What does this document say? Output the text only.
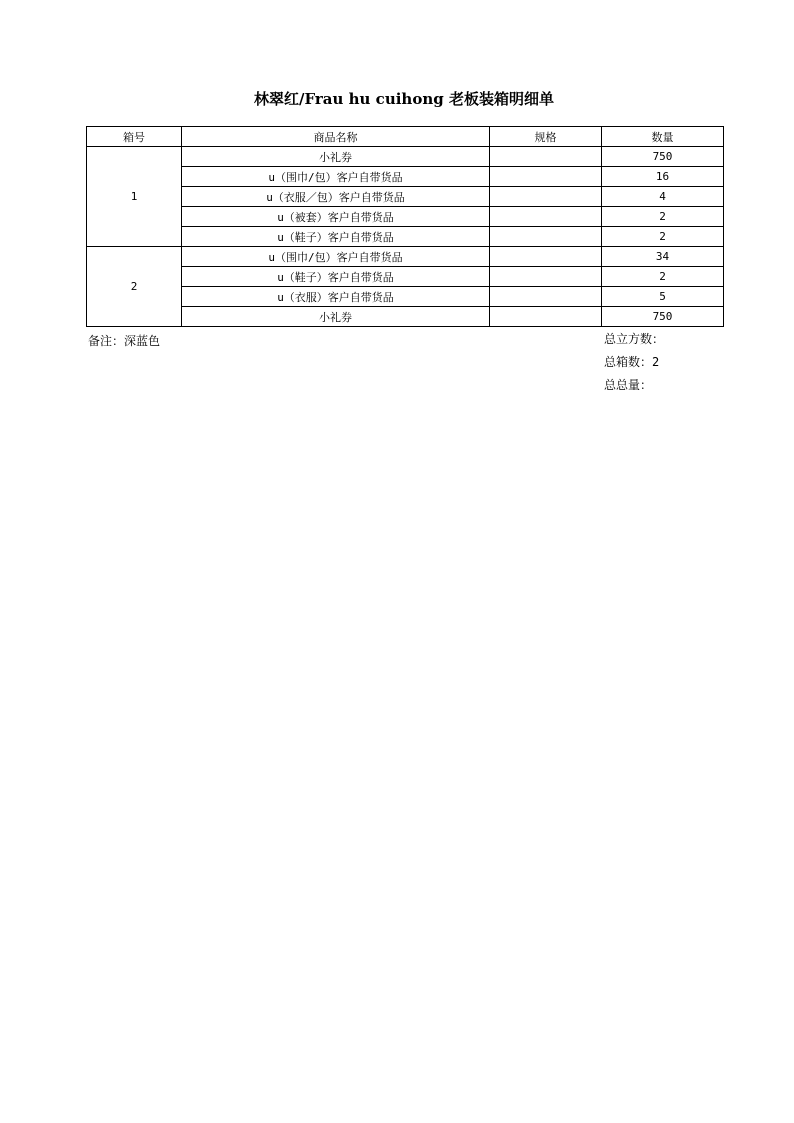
林翠红/Frau hu cuihong 老板装箱明细单
箱号	商品名称	规格	数量
1	小礼券		750
	u（围巾/包）客户自带货品		16
	u（衣服／包）客户自带货品		4
	u（被套）客户自带货品		2
	u（鞋子）客户自带货品		2
2	u（围巾/包）客户自带货品		34
	u（鞋子）客户自带货品		2
	u（衣服）客户自带货品		5
	小礼券		750
备注：深蓝色	总立方数：
总箱数：2
总总量：
